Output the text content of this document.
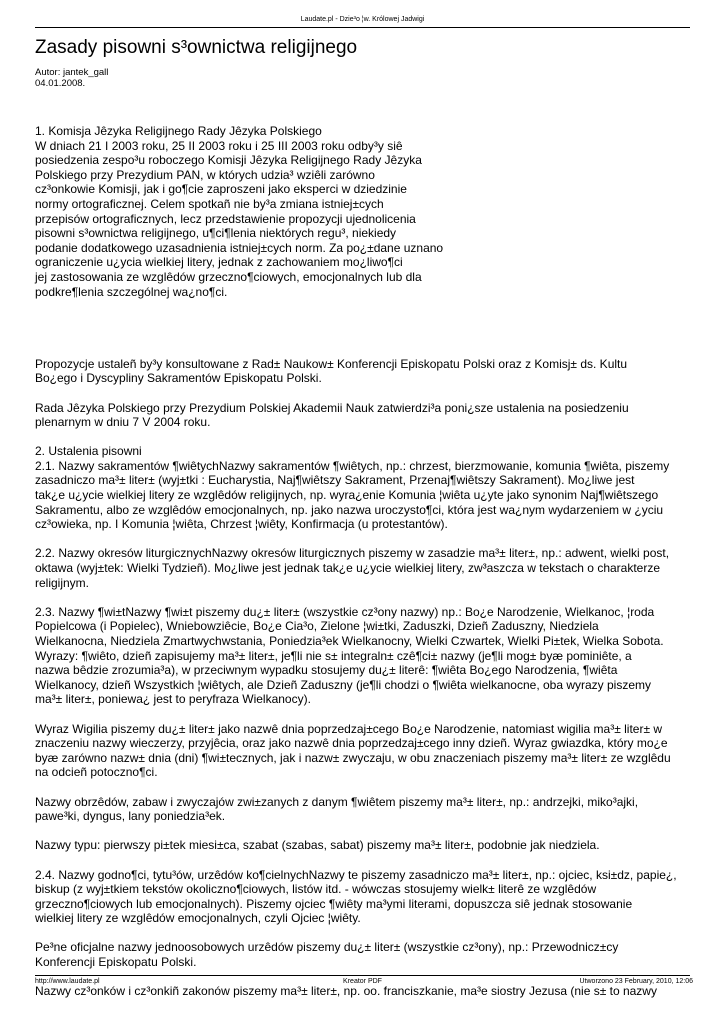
Laudate.pl - Dzie³o ¦w. Królowej Jadwigi
Zasady pisowni s³ownictwa religijnego
Autor: jantek_gall
04.01.2008.
1. Komisja Jêzyka Religijnego Rady Jêzyka Polskiego
W dniach 21 I 2003 roku, 25 II 2003 roku i 25 III 2003 roku odby³y siê
posiedzenia zespo³u roboczego Komisji Jêzyka Religijnego Rady Jêzyka
Polskiego przy Prezydium PAN, w których udzia³ wziêli zarówno
cz³onkowie Komisji, jak i go¶cie zaproszeni jako eksperci w dziedzinie
normy ortograficznej. Celem spotkañ nie by³a zmiana istniej±cych
przepisów ortograficznych, lecz przedstawienie propozycji ujednolicenia
pisowni s³ownictwa religijnego, u¶ci¶lenia niektórych regu³, niekiedy
podanie dodatkowego uzasadnienia istniej±cych norm. Za po¿±dane uznano
ograniczenie u¿ycia wielkiej litery, jednak z zachowaniem mo¿liwo¶ci
jej zastosowania ze wzglêdów grzeczno¶ciowych, emocjonalnych lub dla
podkre¶lenia szczególnej wa¿no¶ci.
Propozycje ustaleñ by³y konsultowane z Rad± Naukow± Konferencji Episkopatu Polski oraz z Komisj± ds. Kultu
Bo¿ego i Dyscypliny Sakramentów Episkopatu Polski.
Rada Jêzyka Polskiego przy Prezydium Polskiej Akademii Nauk zatwierdzi³a poni¿sze ustalenia na posiedzeniu
plenarnym w dniu 7 V 2004 roku.
2. Ustalenia pisowni
2.1. Nazwy sakramentów ¶wiêtychNazwy sakramentów ¶wiêtych, np.: chrzest, bierzmowanie, komunia ¶wiêta, piszemy
zasadniczo ma³± liter± (wyj±tki : Eucharystia, Naj¶wiêtszy Sakrament, Przenaj¶wiêtszy Sakrament). Mo¿liwe jest
tak¿e u¿ycie wielkiej litery ze wzglêdów religijnych, np. wyra¿enie Komunia ¦wiêta u¿yte jako synonim Naj¶wiêtszego
Sakramentu, albo ze wzglêdów emocjonalnych, np. jako nazwa uroczysto¶ci, która jest wa¿nym wydarzeniem w ¿yciu
cz³owieka, np. I Komunia ¦wiêta, Chrzest ¦wiêty, Konfirmacja (u protestantów).
2.2. Nazwy okresów liturgicznychNazwy okresów liturgicznych piszemy w zasadzie ma³± liter±, np.: adwent, wielki post,
oktawa (wyj±tek: Wielki Tydzieñ). Mo¿liwe jest jednak tak¿e u¿ycie wielkiej litery, zw³aszcza w tekstach o charakterze
religijnym.
2.3. Nazwy ¶wi±tNazwy ¶wi±t piszemy du¿± liter± (wszystkie cz³ony nazwy) np.: Bo¿e Narodzenie, Wielkanoc, ¦roda
Popielcowa (i Popielec), Wniebowziêcie, Bo¿e Cia³o, Zielone ¦wi±tki, Zaduszki, Dzieñ Zaduszny, Niedziela
Wielkanocna, Niedziela Zmartwychwstania, Poniedzia³ek Wielkanocny, Wielki Czwartek, Wielki Pi±tek, Wielka Sobota.
Wyrazy: ¶wiêto, dzieñ zapisujemy ma³± liter±, je¶li nie s± integraln± czê¶ci± nazwy (je¶li mog± byæ pominiête, a
nazwa bêdzie zrozumia³a), w przeciwnym wypadku stosujemy du¿± literê: ¶wiêta Bo¿ego Narodzenia, ¶wiêta
Wielkanocy, dzieñ Wszystkich ¦wiêtych, ale Dzieñ Zaduszny (je¶li chodzi o ¶wiêta wielkanocne, oba wyrazy piszemy
ma³± liter±, poniewa¿ jest to peryfraza Wielkanocy).
Wyraz Wigilia piszemy du¿± liter± jako nazwê dnia poprzedzaj±cego Bo¿e Narodzenie, natomiast wigilia ma³± liter± w
znaczeniu nazwy wieczerzy, przyjêcia, oraz jako nazwê dnia poprzedzaj±cego inny dzieñ. Wyraz gwiazdka, który mo¿e
byæ zarówno nazw± dnia (dni) ¶wi±tecznych, jak i nazw± zwyczaju, w obu znaczeniach piszemy ma³± liter± ze wzglêdu
na odcieñ potoczno¶ci.
Nazwy obrzêdów, zabaw i zwyczajów zwi±zanych z danym ¶wiêtem piszemy ma³± liter±, np.: andrzejki, miko³ajki,
pawe³ki, dyngus, lany poniedzia³ek.
Nazwy typu: pierwszy pi±tek miesi±ca, szabat (szabas, sabat) piszemy ma³± liter±, podobnie jak niedziela.
2.4. Nazwy godno¶ci, tytu³ów, urzêdów ko¶cielnychNazwy te piszemy zasadniczo ma³± liter±, np.: ojciec, ksi±dz, papie¿,
biskup (z wyj±tkiem tekstów okoliczno¶ciowych, listów itd. - wówczas stosujemy wielk± literê ze wzglêdów
grzeczno¶ciowych lub emocjonalnych). Piszemy ojciec ¶wiêty ma³ymi literami, dopuszcza siê jednak stosowanie
wielkiej litery ze wzglêdów emocjonalnych, czyli Ojciec ¦wiêty.
Pe³ne oficjalne nazwy jednoosobowych urzêdów piszemy du¿± liter± (wszystkie cz³ony), np.: Przewodnicz±cy
Konferencji Episkopatu Polski.
Nazwy cz³onków i cz³onkiñ zakonów piszemy ma³± liter±, np. oo. franciszkanie, ma³e siostry Jezusa (nie s± to nazwy
http://www.laudate.pl	Kreator PDF	Utworzono 23 February, 2010, 12:06
